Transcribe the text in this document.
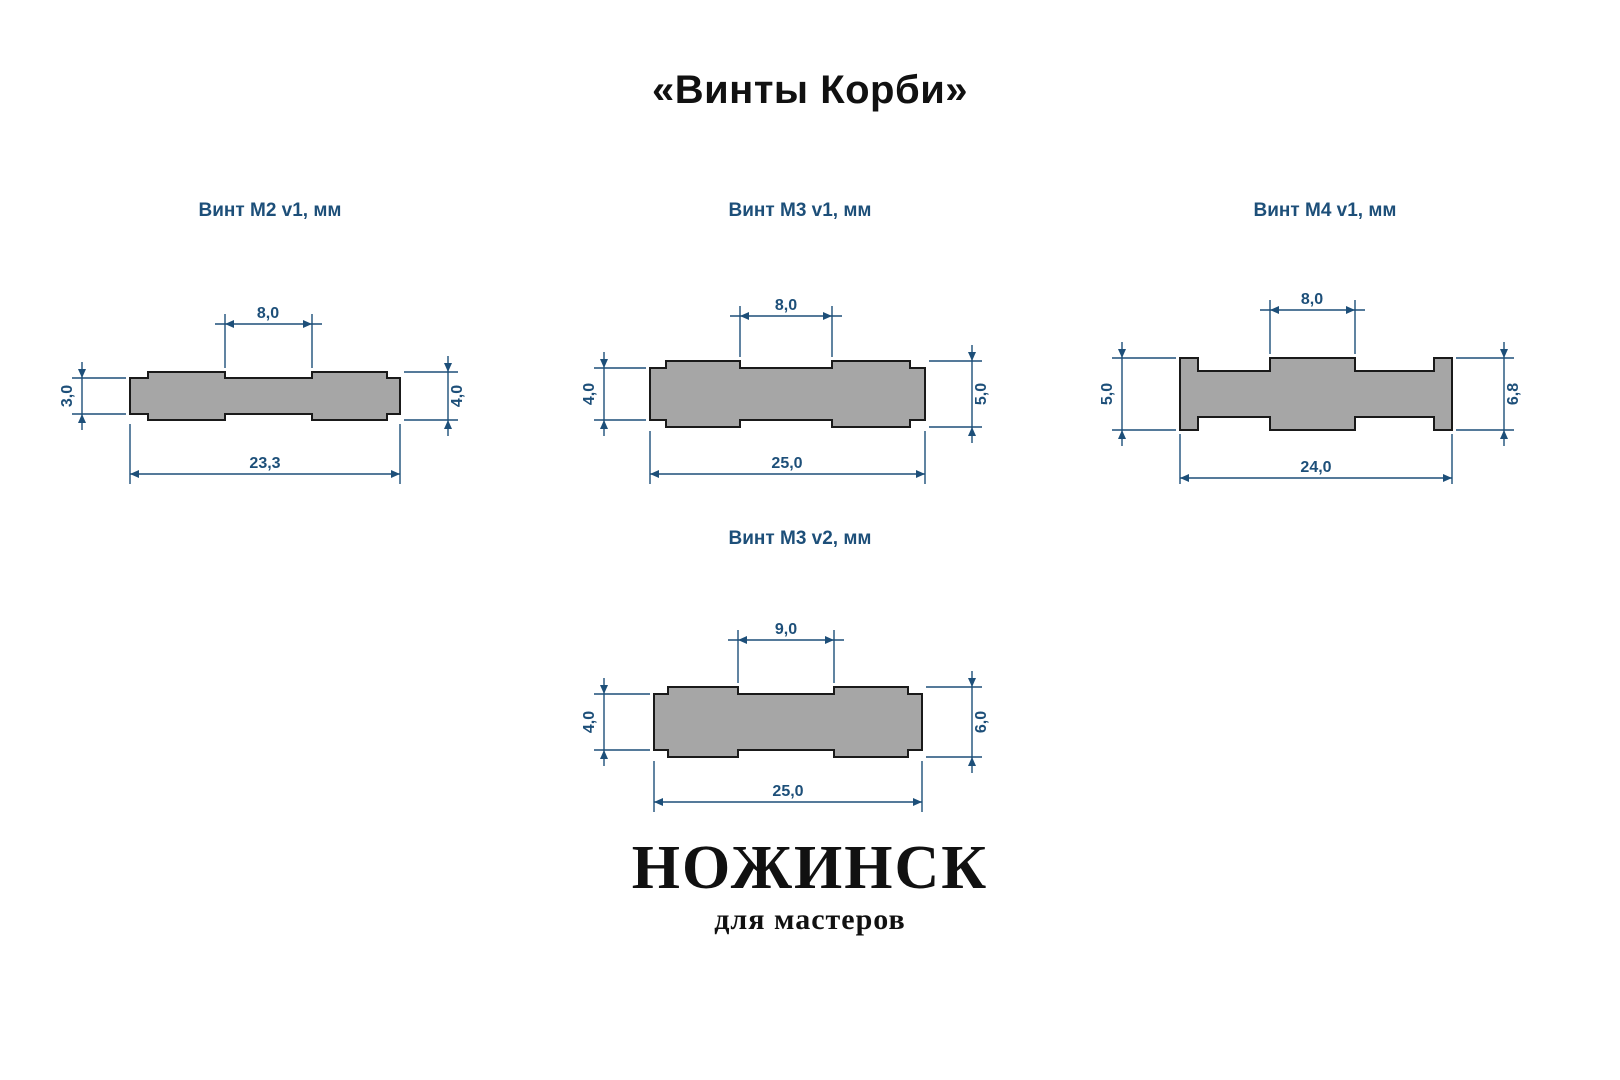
«Винты Корби»
Винт М2 v1, мм
8,0
3,0	4,0
23,3
Винт М3 v1, мм
8,0
4,0	5,0
25,0
Винт М4 v1, мм
8,0
5,0	6,8
24,0
Винт М3 v2, мм
9,0
4,0	6,0
25,0
НОЖИНСК
для мастеров
